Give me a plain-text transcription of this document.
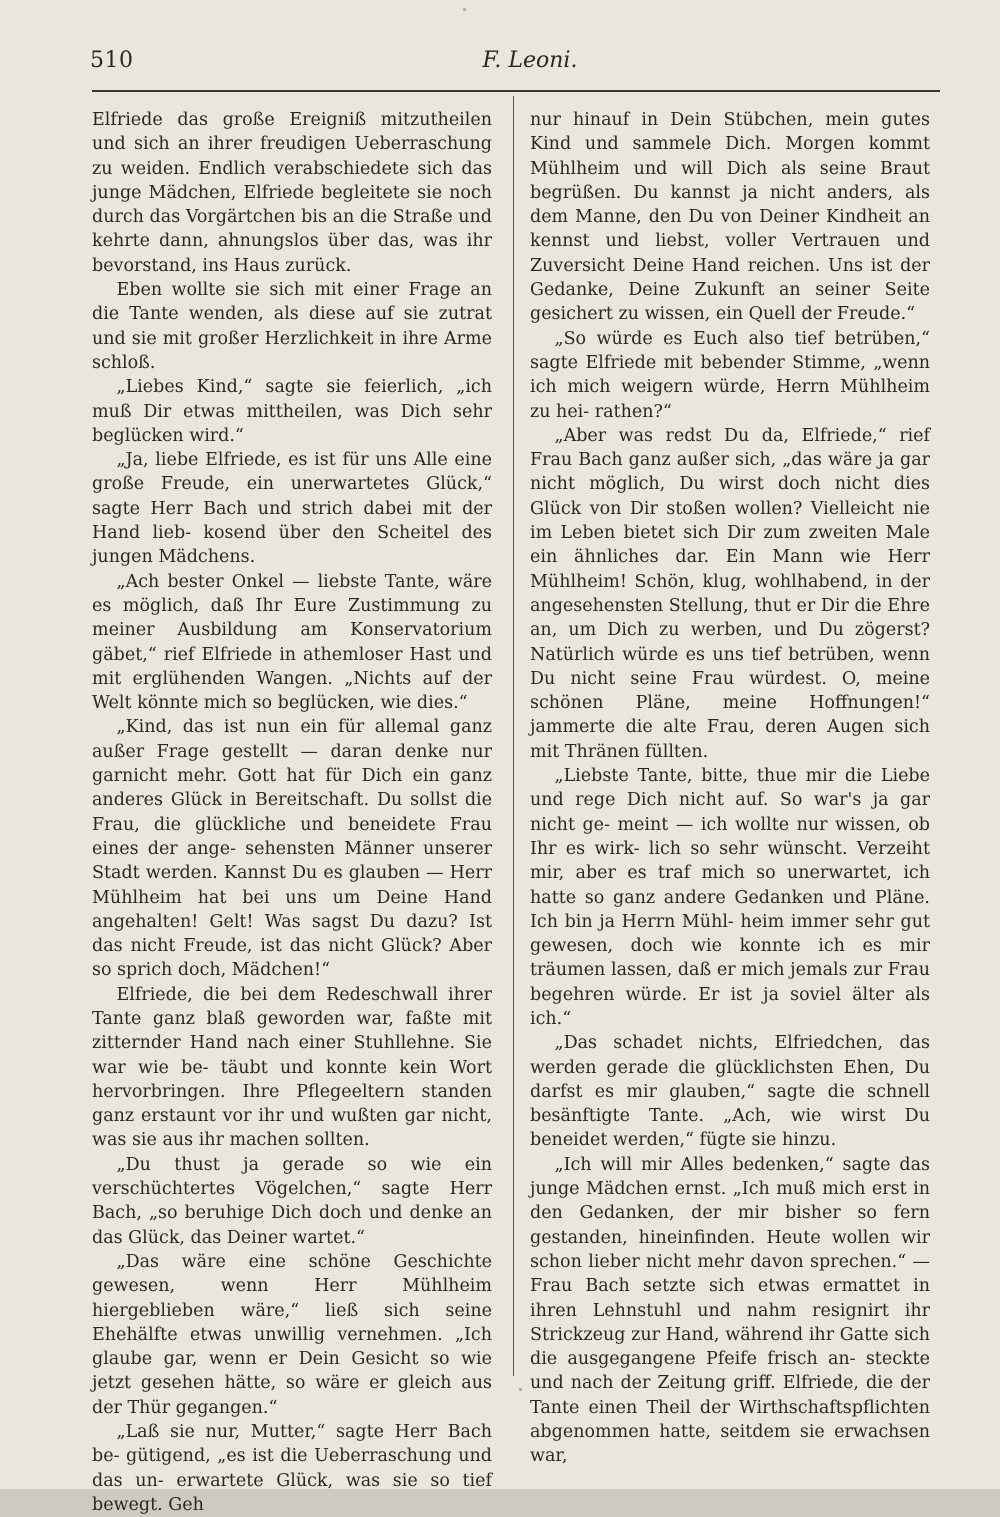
510	F. Leoni.

Elfriede das große Ereigniß mitzutheilen und sich an ihrer freudigen Ueberraschung zu weiden. Endlich verabschiedete sich das junge Mädchen, Elfriede begleitete sie noch durch das Vorgärtchen bis an die Straße und kehrte dann, ahnungslos über das, was ihr bevorstand, ins Haus zurück.

Eben wollte sie sich mit einer Frage an die Tante wenden, als diese auf sie zutrat und sie mit großer Herzlichkeit in ihre Arme schloß.

„Liebes Kind,“ sagte sie feierlich, „ich muß Dir etwas mittheilen, was Dich sehr beglücken wird.“

„Ja, liebe Elfriede, es ist für uns Alle eine große Freude, ein unerwartetes Glück,“ sagte Herr Bach und strich dabei mit der Hand lieb- kosend über den Scheitel des jungen Mädchens.

„Ach bester Onkel — liebste Tante, wäre es möglich, daß Ihr Eure Zustimmung zu meiner Ausbildung am Konservatorium gäbet,“ rief Elfriede in athemloser Hast und mit erglühenden Wangen. „Nichts auf der Welt könnte mich so beglücken, wie dies.“

„Kind, das ist nun ein für allemal ganz außer Frage gestellt — daran denke nur garnicht mehr. Gott hat für Dich ein ganz anderes Glück in Bereitschaft. Du sollst die Frau, die glückliche und beneidete Frau eines der ange- sehensten Männer unserer Stadt werden. Kannst Du es glauben — Herr Mühlheim hat bei uns um Deine Hand angehalten! Gelt! Was sagst Du dazu? Ist das nicht Freude, ist das nicht Glück? Aber so sprich doch, Mädchen!“

Elfriede, die bei dem Redeschwall ihrer Tante ganz blaß geworden war, faßte mit zitternder Hand nach einer Stuhllehne. Sie war wie be- täubt und konnte kein Wort hervorbringen. Ihre Pflegeeltern standen ganz erstaunt vor ihr und wußten gar nicht, was sie aus ihr machen sollten.

„Du thust ja gerade so wie ein verschüchtertes Vögelchen,“ sagte Herr Bach, „so beruhige Dich doch und denke an das Glück, das Deiner wartet.“

„Das wäre eine schöne Geschichte gewesen, wenn Herr Mühlheim hiergeblieben wäre,“ ließ sich seine Ehehälfte etwas unwillig vernehmen. „Ich glaube gar, wenn er Dein Gesicht so wie jetzt gesehen hätte, so wäre er gleich aus der Thür gegangen.“

„Laß sie nur, Mutter,“ sagte Herr Bach be- gütigend, „es ist die Ueberraschung und das un- erwartete Glück, was sie so tief bewegt. Geh

nur hinauf in Dein Stübchen, mein gutes Kind und sammele Dich. Morgen kommt Mühlheim und will Dich als seine Braut begrüßen. Du kannst ja nicht anders, als dem Manne, den Du von Deiner Kindheit an kennst und liebst, voller Vertrauen und Zuversicht Deine Hand reichen. Uns ist der Gedanke, Deine Zukunft an seiner Seite gesichert zu wissen, ein Quell der Freude.“

„So würde es Euch also tief betrüben,“ sagte Elfriede mit bebender Stimme, „wenn ich mich weigern würde, Herrn Mühlheim zu hei- rathen?“

„Aber was redst Du da, Elfriede,“ rief Frau Bach ganz außer sich, „das wäre ja gar nicht möglich, Du wirst doch nicht dies Glück von Dir stoßen wollen? Vielleicht nie im Leben bietet sich Dir zum zweiten Male ein ähnliches dar. Ein Mann wie Herr Mühlheim! Schön, klug, wohlhabend, in der angesehensten Stellung, thut er Dir die Ehre an, um Dich zu werben, und Du zögerst? Natürlich würde es uns tief betrüben, wenn Du nicht seine Frau würdest. O, meine schönen Pläne, meine Hoffnungen!“ jammerte die alte Frau, deren Augen sich mit Thränen füllten.

„Liebste Tante, bitte, thue mir die Liebe und rege Dich nicht auf. So war's ja gar nicht ge- meint — ich wollte nur wissen, ob Ihr es wirk- lich so sehr wünscht. Verzeiht mir, aber es traf mich so unerwartet, ich hatte so ganz andere Gedanken und Pläne. Ich bin ja Herrn Mühl- heim immer sehr gut gewesen, doch wie konnte ich es mir träumen lassen, daß er mich jemals zur Frau begehren würde. Er ist ja soviel älter als ich.“

„Das schadet nichts, Elfriedchen, das werden gerade die glücklichsten Ehen, Du darfst es mir glauben,“ sagte die schnell besänftigte Tante. „Ach, wie wirst Du beneidet werden,“ fügte sie hinzu.

„Ich will mir Alles bedenken,“ sagte das junge Mädchen ernst. „Ich muß mich erst in den Gedanken, der mir bisher so fern gestanden, hineinfinden. Heute wollen wir schon lieber nicht mehr davon sprechen.“ — Frau Bach setzte sich etwas ermattet in ihren Lehnstuhl und nahm resignirt ihr Strickzeug zur Hand, während ihr Gatte sich die ausgegangene Pfeife frisch an- steckte und nach der Zeitung griff. Elfriede, die der Tante einen Theil der Wirthschaftspflichten abgenommen hatte, seitdem sie erwachsen war,
